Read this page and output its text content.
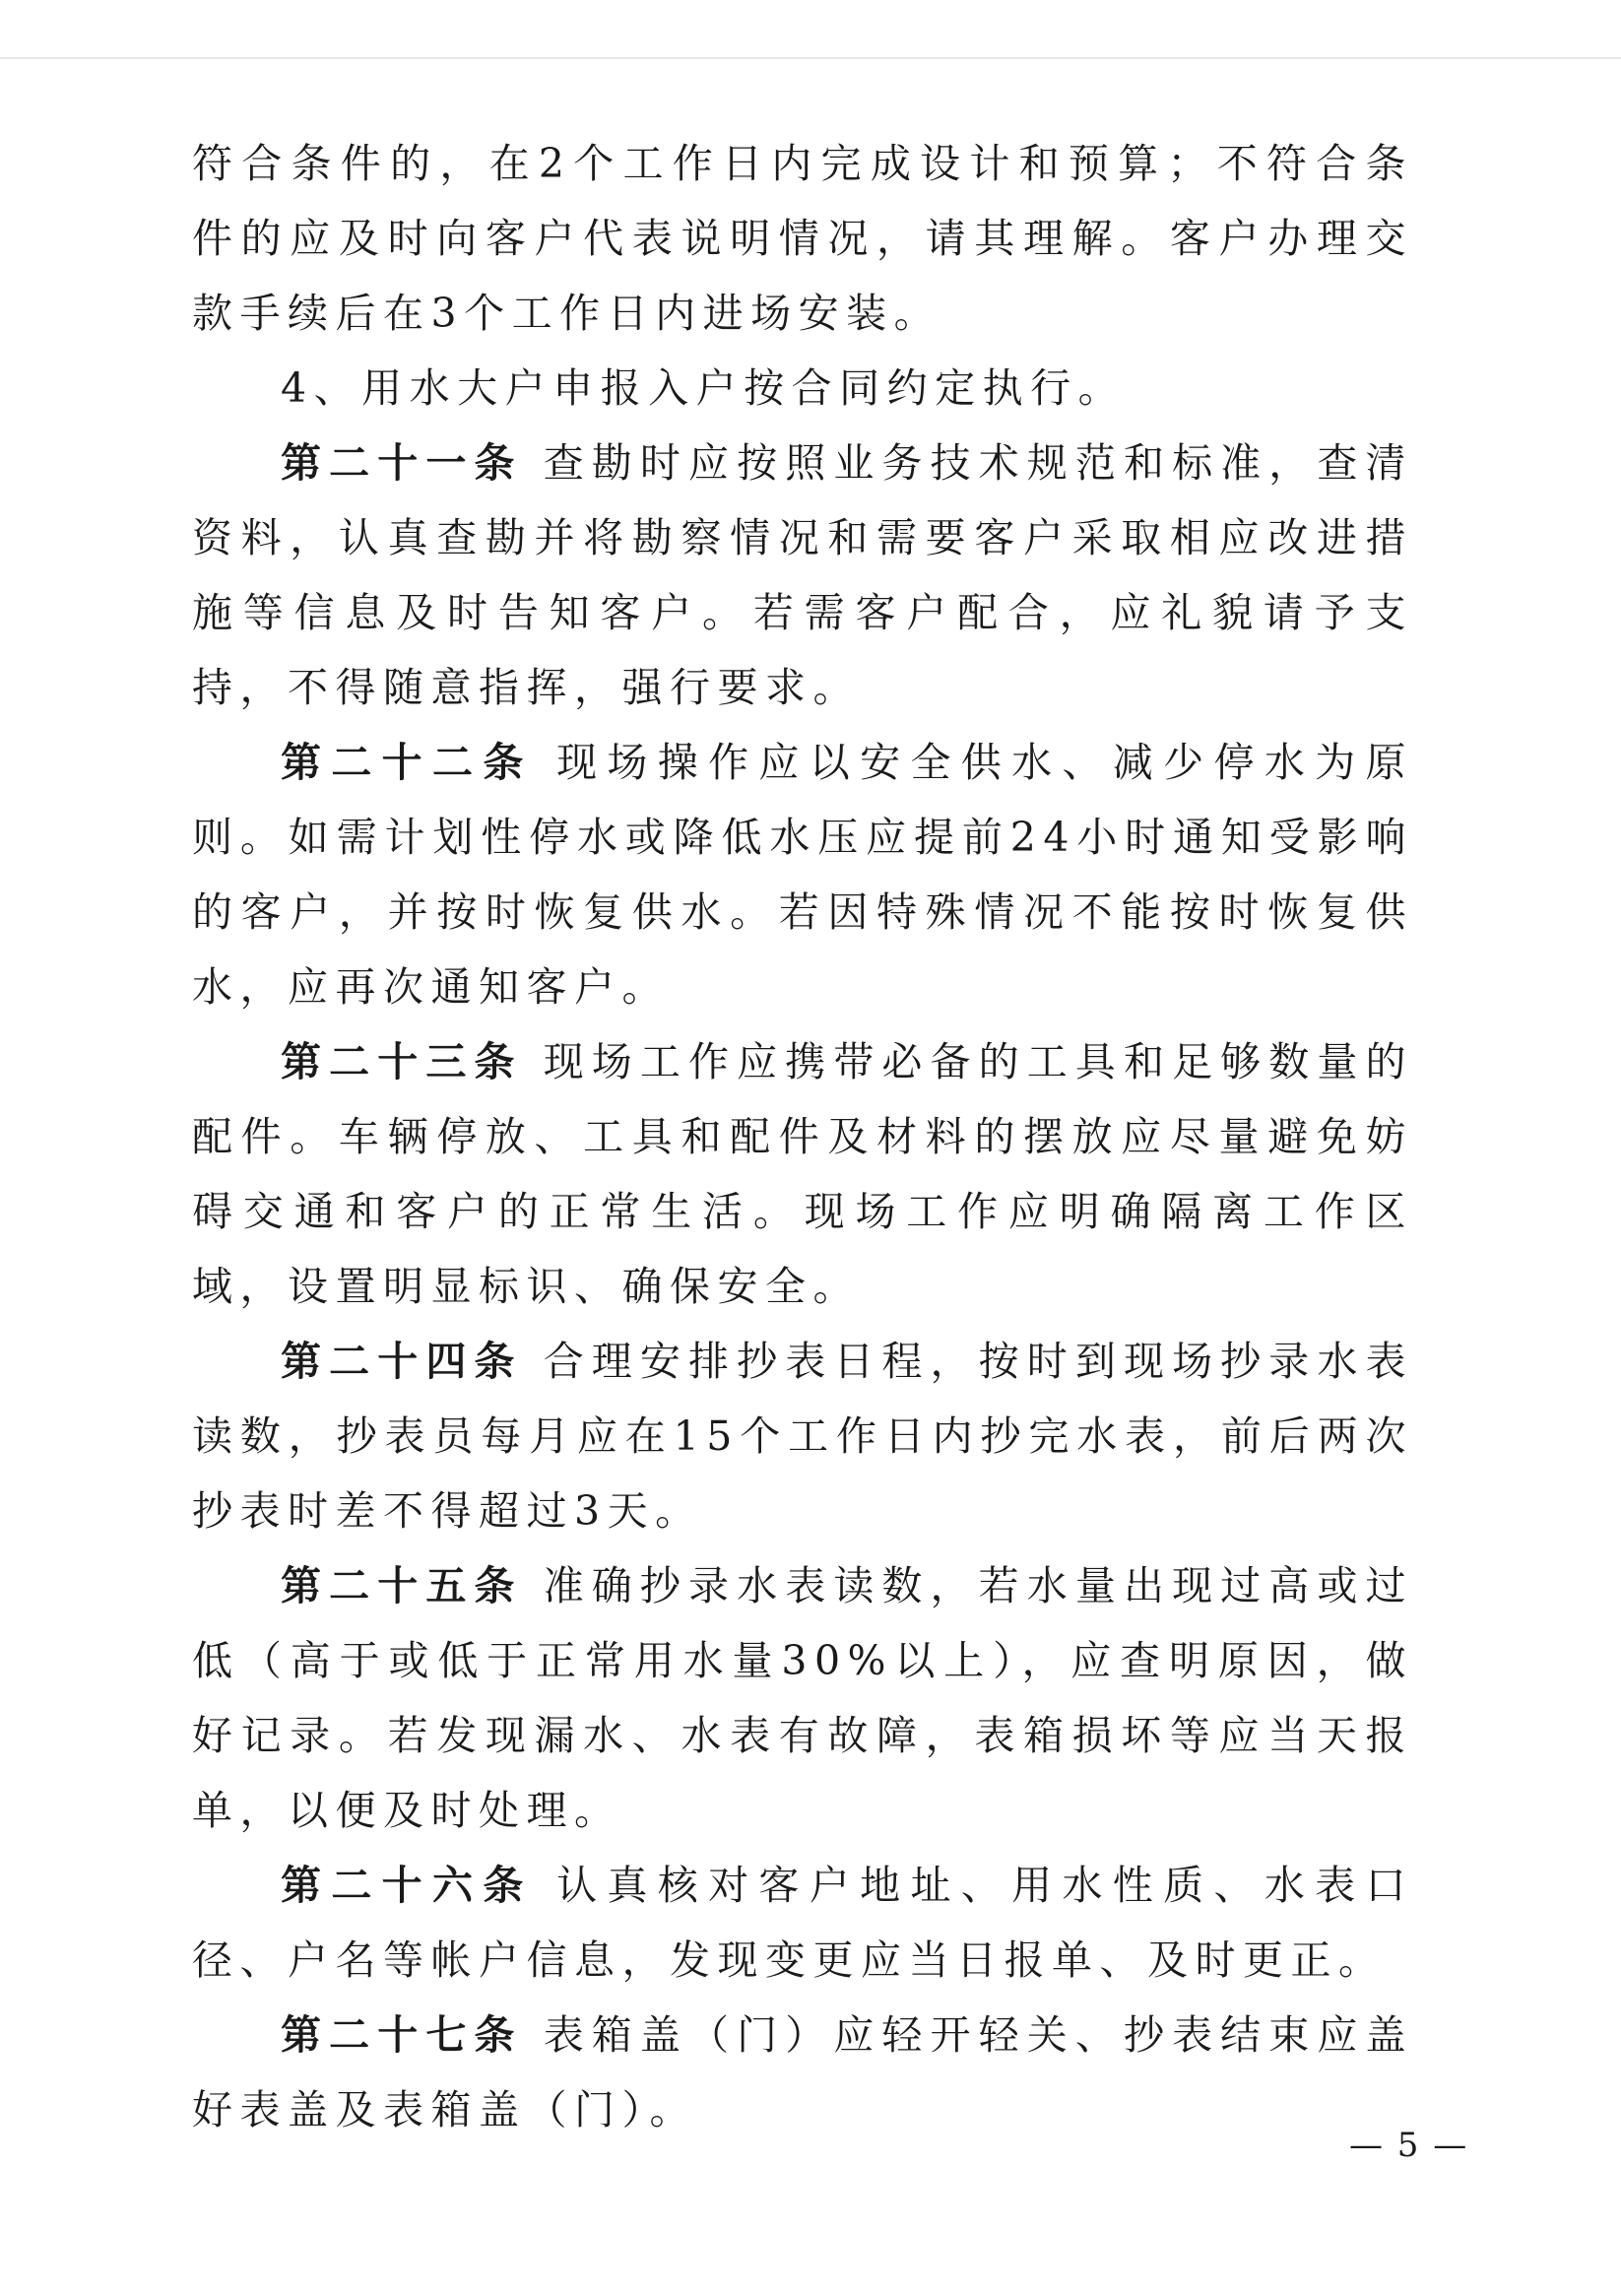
符合条件的，在2个工作日内完成设计和预算；不符合条件的应及时向客户代表说明情况，请其理解。客户办理交款手续后在3个工作日内进场安装。

4、用水大户申报入户按合同约定执行。

第二十一条 查勘时应按照业务技术规范和标准，查清资料，认真查勘并将勘察情况和需要客户采取相应改进措施等信息及时告知客户。若需客户配合，应礼貌请予支持，不得随意指挥，强行要求。

第二十二条 现场操作应以安全供水、减少停水为原则。如需计划性停水或降低水压应提前24小时通知受影响的客户，并按时恢复供水。若因特殊情况不能按时恢复供水，应再次通知客户。

第二十三条 现场工作应携带必备的工具和足够数量的配件。车辆停放、工具和配件及材料的摆放应尽量避免妨碍交通和客户的正常生活。现场工作应明确隔离工作区域，设置明显标识、确保安全。

第二十四条 合理安排抄表日程，按时到现场抄录水表读数，抄表员每月应在15个工作日内抄完水表，前后两次抄表时差不得超过3天。

第二十五条 准确抄录水表读数，若水量出现过高或过低（高于或低于正常用水量30%以上），应查明原因，做好记录。若发现漏水、水表有故障，表箱损坏等应当天报单，以便及时处理。

第二十六条 认真核对客户地址、用水性质、水表口径、户名等帐户信息，发现变更应当日报单、及时更正。

第二十七条 表箱盖（门）应轻开轻关、抄表结束应盖好表盖及表箱盖（门）。

— 5 —
